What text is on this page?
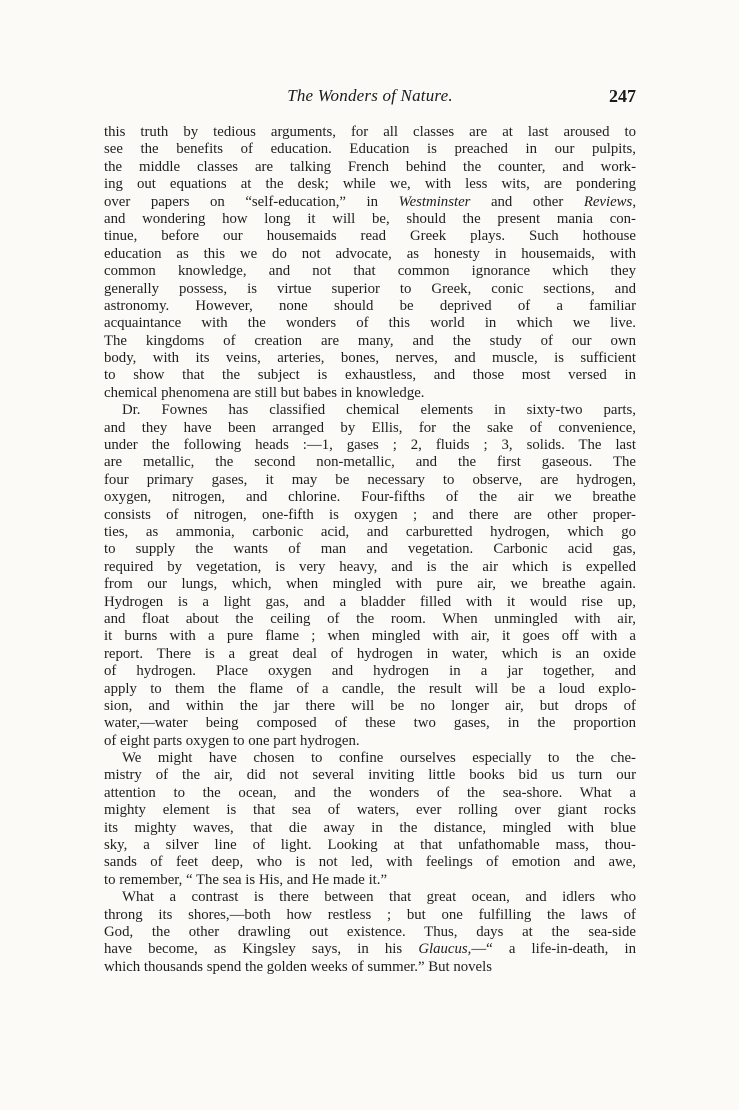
The Wonders of Nature.	247
this truth by tedious arguments, for all classes are at last aroused to
see the benefits of education. Education is preached in our pulpits,
the middle classes are talking French behind the counter, and work-
ing out equations at the desk; while we, with less wits, are pondering
over papers on “self-education,” in Westminster and other Reviews,
and wondering how long it will be, should the present mania con-
tinue, before our housemaids read Greek plays. Such hothouse
education as this we do not advocate, as honesty in housemaids, with
common knowledge, and not that common ignorance which they
generally possess, is virtue superior to Greek, conic sections, and
astronomy. However, none should be deprived of a familiar
acquaintance with the wonders of this world in which we live.
The kingdoms of creation are many, and the study of our own
body, with its veins, arteries, bones, nerves, and muscle, is sufficient
to show that the subject is exhaustless, and those most versed in
chemical phenomena are still but babes in knowledge.
Dr. Fownes has classified chemical elements in sixty-two parts,
and they have been arranged by Ellis, for the sake of convenience,
under the following heads :—1, gases ; 2, fluids ; 3, solids. The last
are metallic, the second non-metallic, and the first gaseous. The
four primary gases, it may be necessary to observe, are hydrogen,
oxygen, nitrogen, and chlorine. Four-fifths of the air we breathe
consists of nitrogen, one-fifth is oxygen ; and there are other proper-
ties, as ammonia, carbonic acid, and carburetted hydrogen, which go
to supply the wants of man and vegetation. Carbonic acid gas,
required by vegetation, is very heavy, and is the air which is expelled
from our lungs, which, when mingled with pure air, we breathe again.
Hydrogen is a light gas, and a bladder filled with it would rise up,
and float about the ceiling of the room. When unmingled with air,
it burns with a pure flame ; when mingled with air, it goes off with a
report. There is a great deal of hydrogen in water, which is an oxide
of hydrogen. Place oxygen and hydrogen in a jar together, and
apply to them the flame of a candle, the result will be a loud explo-
sion, and within the jar there will be no longer air, but drops of
water,—water being composed of these two gases, in the proportion
of eight parts oxygen to one part hydrogen.
We might have chosen to confine ourselves especially to the che-
mistry of the air, did not several inviting little books bid us turn our
attention to the ocean, and the wonders of the sea-shore. What a
mighty element is that sea of waters, ever rolling over giant rocks
its mighty waves, that die away in the distance, mingled with blue
sky, a silver line of light. Looking at that unfathomable mass, thou-
sands of feet deep, who is not led, with feelings of emotion and awe,
to remember, “ The sea is His, and He made it.”
What a contrast is there between that great ocean, and idlers who
throng its shores,—both how restless ; but one fulfilling the laws of
God, the other drawling out existence. Thus, days at the sea-side
have become, as Kingsley says, in his Glaucus,—“ a life-in-death, in
which thousands spend the golden weeks of summer.” But novels
